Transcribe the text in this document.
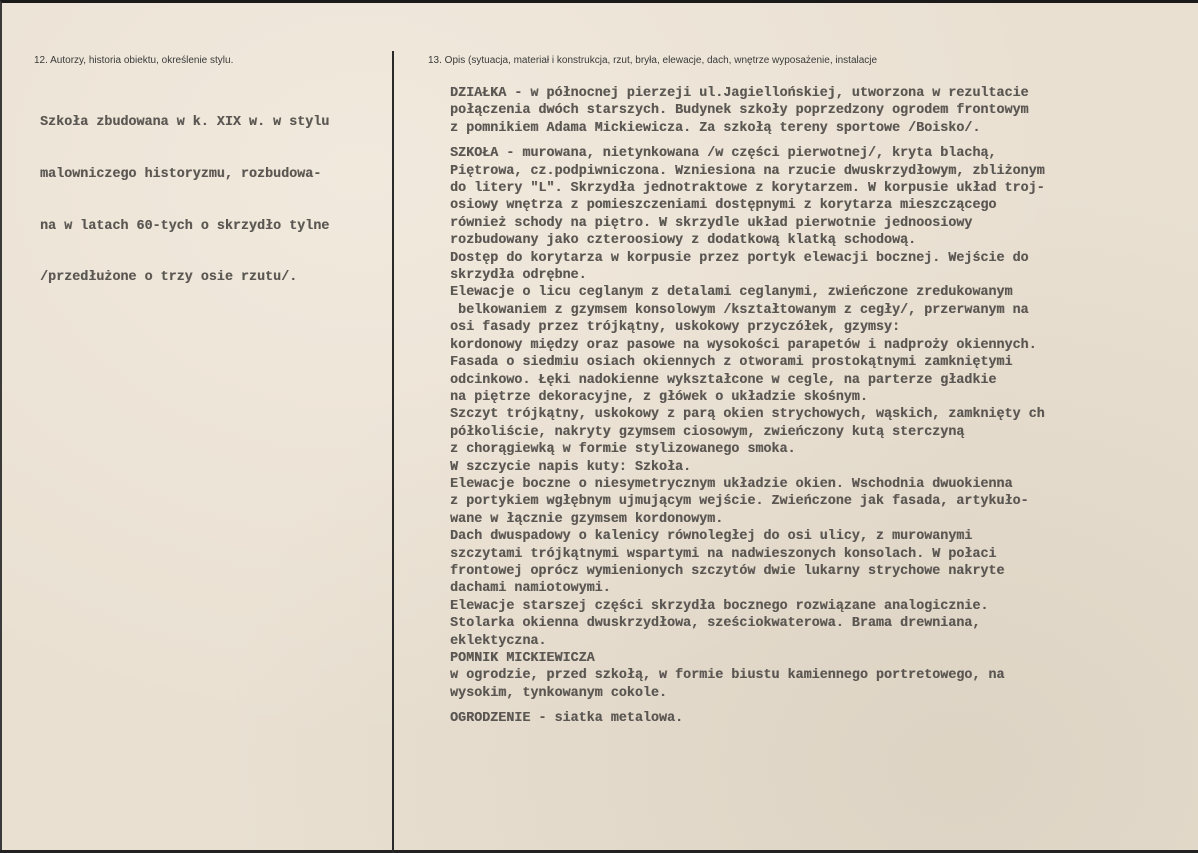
12. Autorzy, historia obiektu, określenie stylu.	13. Opis (sytuacja, materiał i konstrukcja, rzut, bryła, elewacje, dach, wnętrze wyposażenie, instalacje

Szkoła zbudowana w k. XIX w. w stylu

malowniczego historyzmu, rozbudowa-

na w latach 60-tych o skrzydło tylne

/przedłużone o trzy osie rzutu/.

DZIAŁKA - w północnej pierzeji ul.Jagiellońskiej, utworzona w rezultacie
połączenia dwóch starszych. Budynek szkoły poprzedzony ogrodem frontowym
z pomnikiem Adama Mickiewicza. Za szkołą tereny sportowe /Boisko/.
SZKOŁA - murowana, nietynkowana /w części pierwotnej/, kryta blachą,
Piętrowa, cz.podpiwniczona. Wzniesiona na rzucie dwuskrzydłowym, zbliżonym
do litery "L". Skrzydła jednotraktowe z korytarzem. W korpusie układ troj-
osiowy wnętrza z pomieszczeniami dostępnymi z korytarza mieszczącego
również schody na piętro. W skrzydle układ pierwotnie jednoosiowy
rozbudowany jako czteroosiowy z dodatkową klatką schodową.
Dostęp do korytarza w korpusie przez portyk elewacji bocznej. Wejście do
skrzydła odrębne.
Elewacje o licu ceglanym z detalami ceglanymi, zwieńczone zredukowanym
belkowaniem z gzymsem konsolowym /kształtowanym z cegły/, przerwanym na
osi fasady przez trójkątny, uskokowy przyczółek, gzymsy:
kordonowy między oraz pasowe na wysokości parapetów i nadproży okiennych.
Fasada o siedmiu osiach okiennych z otworami prostokątnymi zamkniętymi
odcinkowo. Łęki nadokienne wykształcone w cegle, na parterze gładkie
na piętrze dekoracyjne, z główek o układzie skośnym.
Szczyt trójkątny, uskokowy z parą okien strychowych, wąskich, zamknięty ch
półkoliście, nakryty gzymsem ciosowym, zwieńczony kutą sterczyną
z chorągiewką w formie stylizowanego smoka.
W szczycie napis kuty: Szkoła.
Elewacje boczne o niesymetrycznym układzie okien. Wschodnia dwuokienna
z portykiem wgłębnym ujmującym wejście. Zwieńczone jak fasada, artykuło-
wane w łącznie gzymsem kordonowym.
Dach dwuspadowy o kalenicy równoległej do osi ulicy, z murowanymi
szczytami trójkątnymi wspartymi na nadwieszonych konsolach. W połaci
frontowej oprócz wymienionych szczytów dwie lukarny strychowe nakryte
dachami namiotowymi.
Elewacje starszej części skrzydła bocznego rozwiązane analogicznie.
Stolarka okienna dwuskrzydłowa, sześciokwaterowa. Brama drewniana,
eklektyczna.
POMNIK MICKIEWICZA
w ogrodzie, przed szkołą, w formie biustu kamiennego portretowego, na
wysokim, tynkowanym cokole.
OGRODZENIE - siatka metalowa.
